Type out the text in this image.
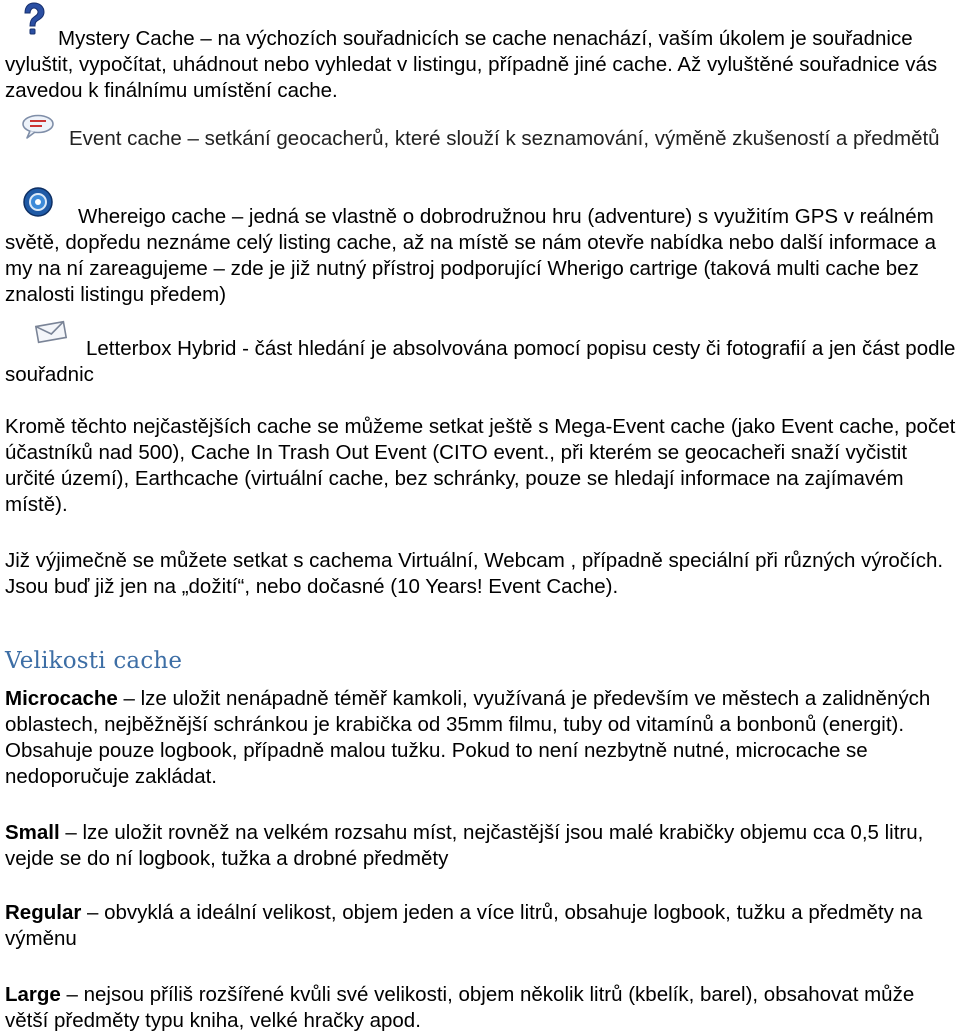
Mystery Cache – na výchozích souřadnicích se cache nenachází, vaším úkolem je souřadnice vyluštit, vypočítat, uhádnout nebo vyhledat v listingu, případně jiné cache. Až vyluštěné souřadnice vás zavedou k finálnímu umístění cache.

Event cache – setkání geocacherů, které slouží k seznamování, výměně zkušeností a předmětů

Whereigo cache – jedná se vlastně o dobrodružnou hru (adventure) s využitím GPS v reálném světě, dopředu neznáme celý listing cache, až na místě se nám otevře nabídka nebo další informace a my na ní zareagujeme – zde je již nutný přístroj podporující Wherigo cartrige (taková multi cache bez znalosti listingu předem)

Letterbox Hybrid - část hledání je absolvována pomocí popisu cesty či fotografií a jen část podle souřadnic

Kromě těchto nejčastějších cache se můžeme setkat ještě s Mega-Event cache (jako Event cache, počet účastníků nad 500), Cache In Trash Out Event (CITO event., při kterém se geocacheři snaží vyčistit určité území), Earthcache (virtuální cache, bez schránky, pouze se hledají informace na zajímavém místě).

Již výjimečně se můžete setkat s cachema Virtuální, Webcam , případně speciální při různých výročích. Jsou buď již jen na „dožití“, nebo dočasné (10 Years! Event Cache).

Velikosti cache

Microcache – lze uložit nenápadně téměř kamkoli, využívaná je především ve městech a zalidněných oblastech, nejběžnější schránkou je krabička od 35mm filmu, tuby od vitamínů a bonbonů (energit). Obsahuje pouze logbook, případně malou tužku. Pokud to není nezbytně nutné, microcache se nedoporučuje zakládat.

Small – lze uložit rovněž na velkém rozsahu míst, nejčastější jsou malé krabičky objemu cca 0,5 litru, vejde se do ní logbook, tužka a drobné předměty

Regular – obvyklá a ideální velikost, objem jeden a více litrů, obsahuje logbook, tužku a předměty na výměnu

Large – nejsou příliš rozšířené kvůli své velikosti, objem několik litrů (kbelík, barel), obsahovat může větší předměty typu kniha, velké hračky apod.
